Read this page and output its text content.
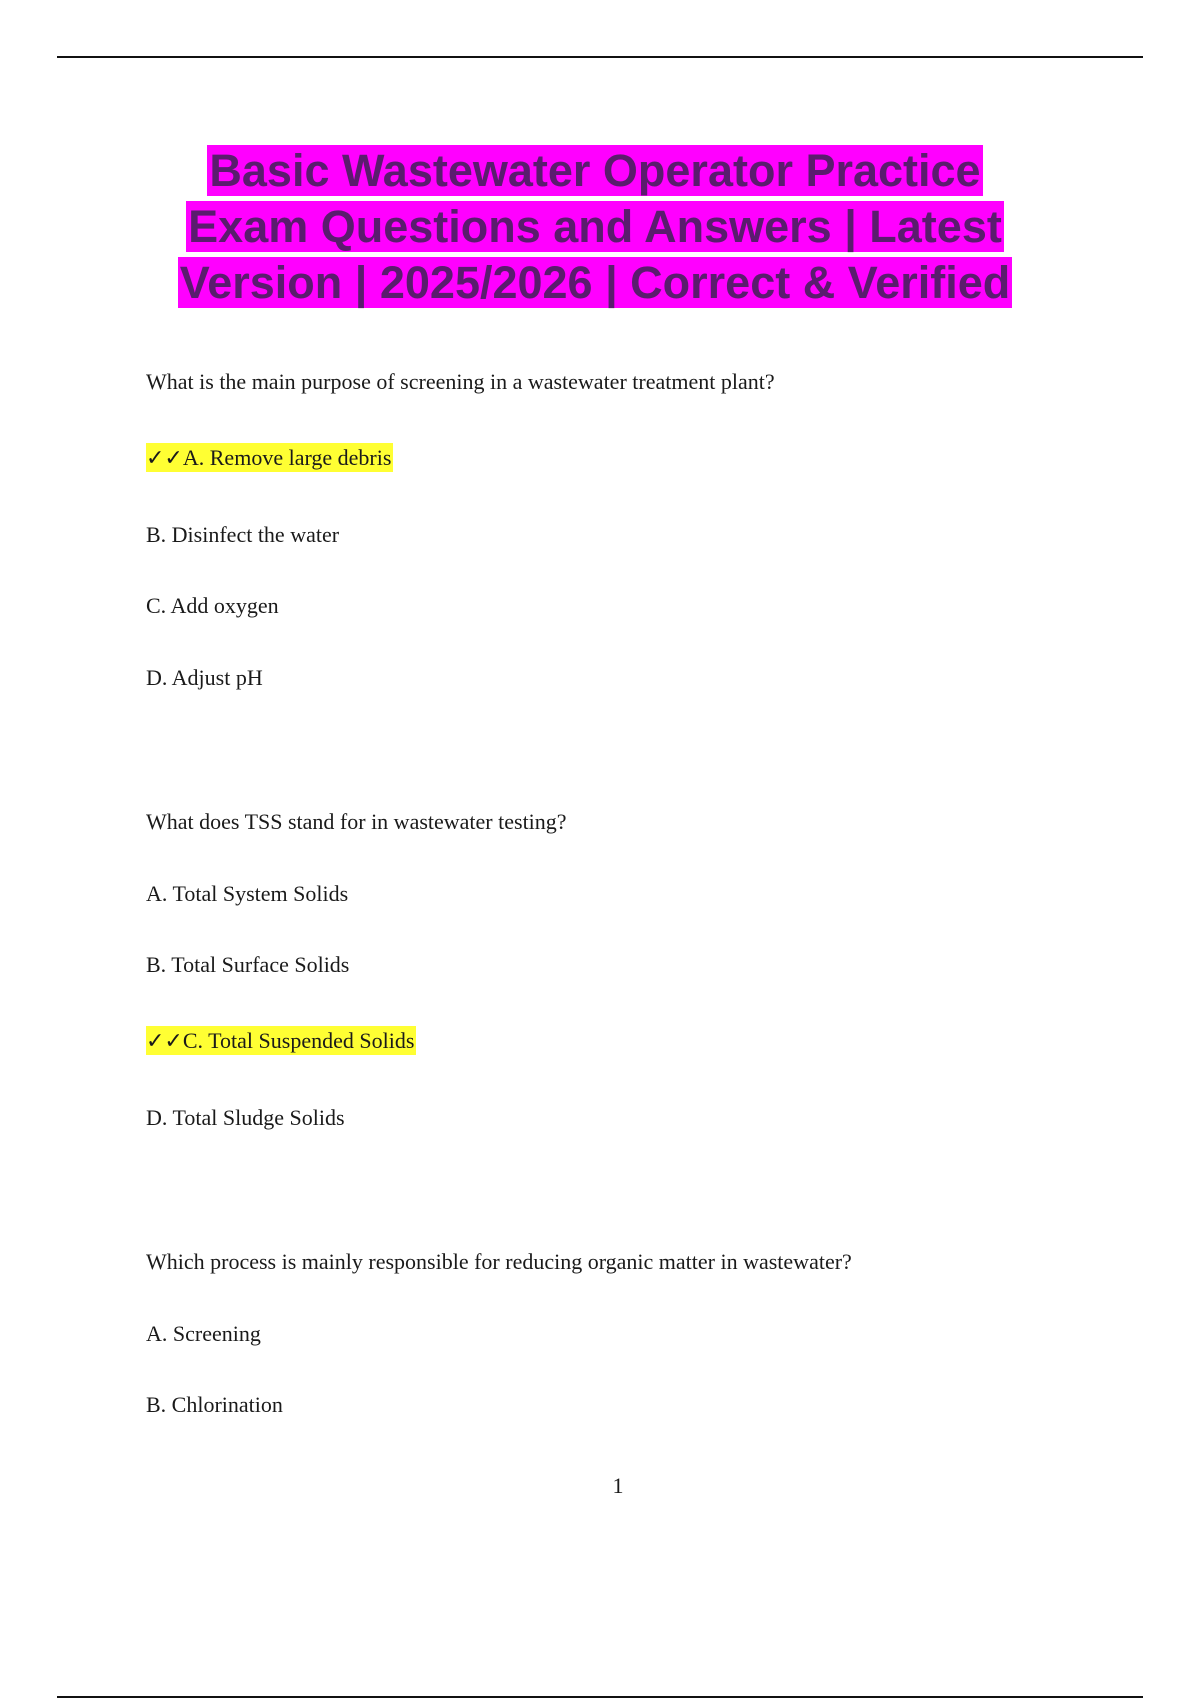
Basic Wastewater Operator Practice
Exam Questions and Answers | Latest
Version | 2025/2026 | Correct & Verified
What is the main purpose of screening in a wastewater treatment plant?
✓✓A. Remove large debris
B. Disinfect the water
C. Add oxygen
D. Adjust pH
What does TSS stand for in wastewater testing?
A. Total System Solids
B. Total Surface Solids
✓✓C. Total Suspended Solids
D. Total Sludge Solids
Which process is mainly responsible for reducing organic matter in wastewater?
A. Screening
B. Chlorination
1
